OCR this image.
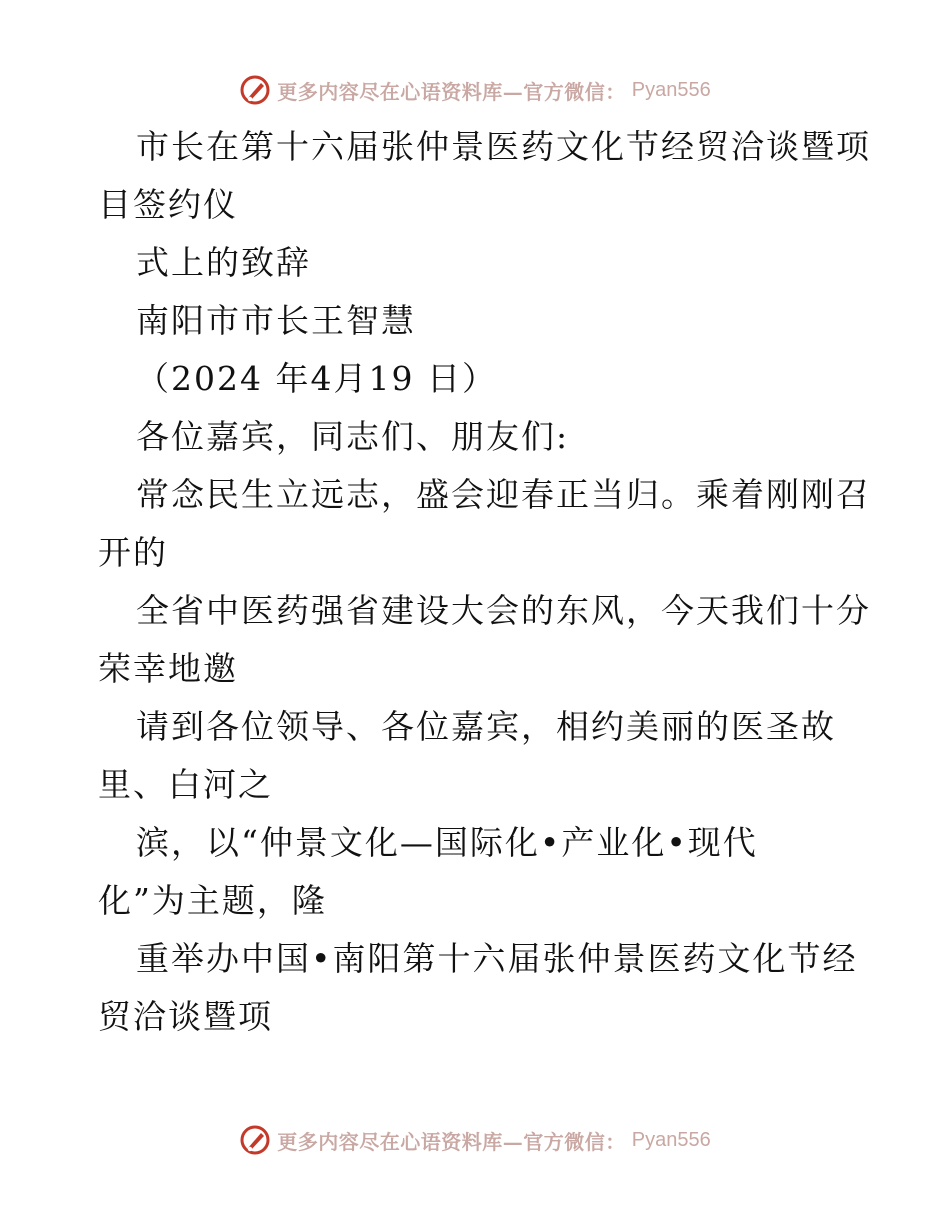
更多内容尽在心语资料库—官方微信： Pyan556
市长在第十六届张仲景医药文化节经贸洽谈暨项
目签约仪
式上的致辞
南阳市市长王智慧
（2024 年4月19 日）
各位嘉宾，同志们、朋友们:
常念民生立远志，盛会迎春正当归。乘着刚刚召
开的
全省中医药强省建设大会的东风，今天我们十分
荣幸地邀
请到各位领导、各位嘉宾，相约美丽的医圣故
里、白河之
滨，以“仲景文化—国际化•产业化•现代
化”为主题，隆
重举办中国•南阳第十六届张仲景医药文化节经
贸洽谈暨项
更多内容尽在心语资料库—官方微信： Pyan556
